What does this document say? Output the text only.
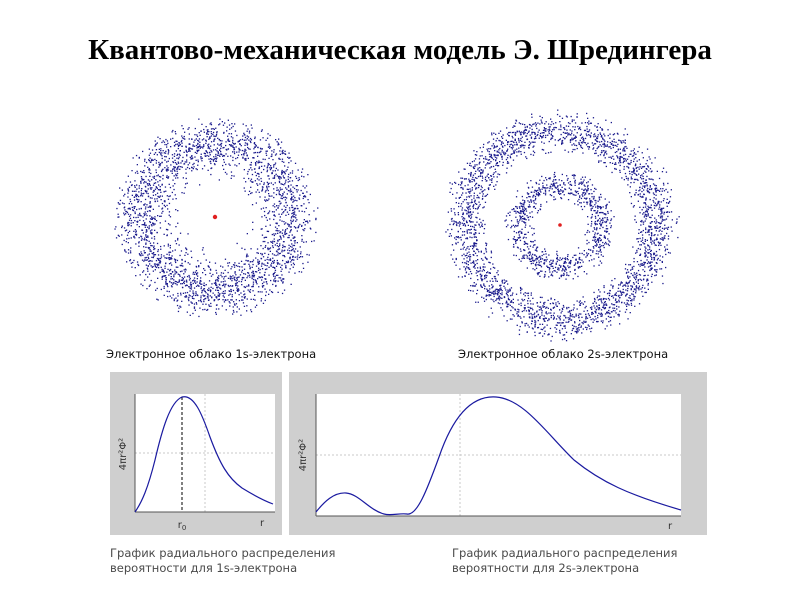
Квантово-механическая модель Э. Шредингера
Электронное облако 1s-электрона	Электронное облако 2s-электрона
4πr²Φ²
$r_0$	r
4πr²Φ²
r
График радиального распределения
вероятности для 1s-электрона
График радиального распределения
вероятности для 2s-электрона
